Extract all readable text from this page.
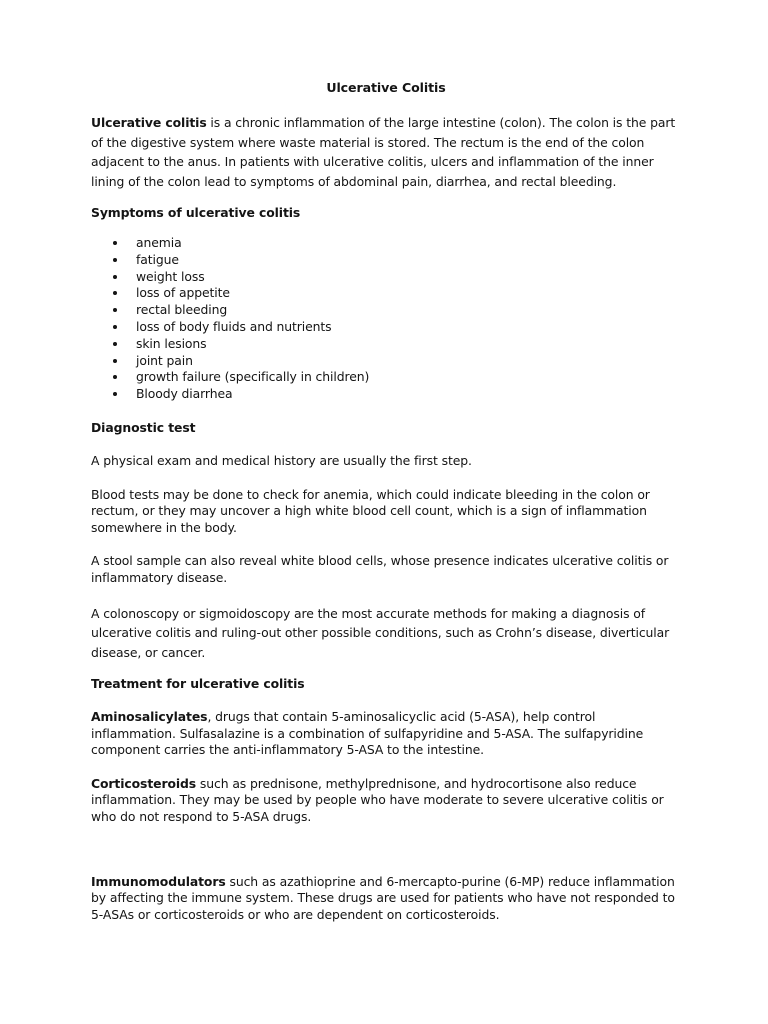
Ulcerative Colitis

Ulcerative colitis is a chronic inflammation of the large intestine (colon). The colon is the part of the digestive system where waste material is stored. The rectum is the end of the colon adjacent to the anus. In patients with ulcerative colitis, ulcers and inflammation of the inner lining of the colon lead to symptoms of abdominal pain, diarrhea, and rectal bleeding.

Symptoms of ulcerative colitis
anemia
fatigue
weight loss
loss of appetite
rectal bleeding
loss of body fluids and nutrients
skin lesions
joint pain
growth failure (specifically in children)
Bloody diarrhea
Diagnostic test

A physical exam and medical history are usually the first step.

Blood tests may be done to check for anemia, which could indicate bleeding in the colon or rectum, or they may uncover a high white blood cell count, which is a sign of inflammation somewhere in the body.

A stool sample can also reveal white blood cells, whose presence indicates ulcerative colitis or inflammatory disease.

A colonoscopy or sigmoidoscopy are the most accurate methods for making a diagnosis of ulcerative colitis and ruling-out other possible conditions, such as Crohn’s disease, diverticular disease, or cancer.

Treatment for ulcerative colitis

Aminosalicylates, drugs that contain 5-aminosalicyclic acid (5-ASA), help control inflammation. Sulfasalazine is a combination of sulfapyridine and 5-ASA. The sulfapyridine component carries the anti-inflammatory 5-ASA to the intestine.

Corticosteroids such as prednisone, methylprednisone, and hydrocortisone also reduce inflammation. They may be used by people who have moderate to severe ulcerative colitis or who do not respond to 5-ASA drugs.

Immunomodulators such as azathioprine and 6-mercapto-purine (6-MP) reduce inflammation by affecting the immune system. These drugs are used for patients who have not responded to 5-ASAs or corticosteroids or who are dependent on corticosteroids.
